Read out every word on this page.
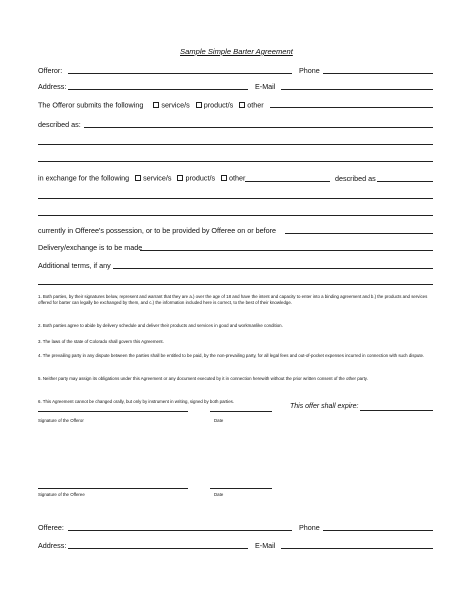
Sample Simple Barter Agreement
Offeror:	Phone
Address:	E-Mail
The Offeror submits the following	service/s product/s other
described as:
in exchange for the following service/s product/s other	described as
currently in Offeree's possession, or to be provided by Offeree on or before
Delivery/exchange is to be made
Additional terms, if any
1. Both parties, by their signatures below, represent and warrant that they are a.) over the age of 18 and have the intent and capacity to enter into a binding agreement and b.) the products and services offered for barter can legally be exchanged by them, and c.) the information included here is correct, to the best of their knowledge.
2. Both parties agree to abide by delivery schedule and deliver their products and services in good and workmanlike condition.
3. The laws of the state of Colorado shall govern this Agreement.
4. The prevailing party in any dispute between the parties shall be entitled to be paid, by the non-prevailing party, for all legal fees and out-of-pocket expenses incurred in connection with such dispute.
5. Neither party may assign its obligations under this Agreement or any document executed by it in connection herewith without the prior written consent of the other party.
6. This Agreement cannot be changed orally, but only by instrument in writing, signed by both parties.
This offer shall expire:
Signature of the Offeror	Date
Signature of the Offeree	Date
Offeree:	Phone
Address:	E-Mail
